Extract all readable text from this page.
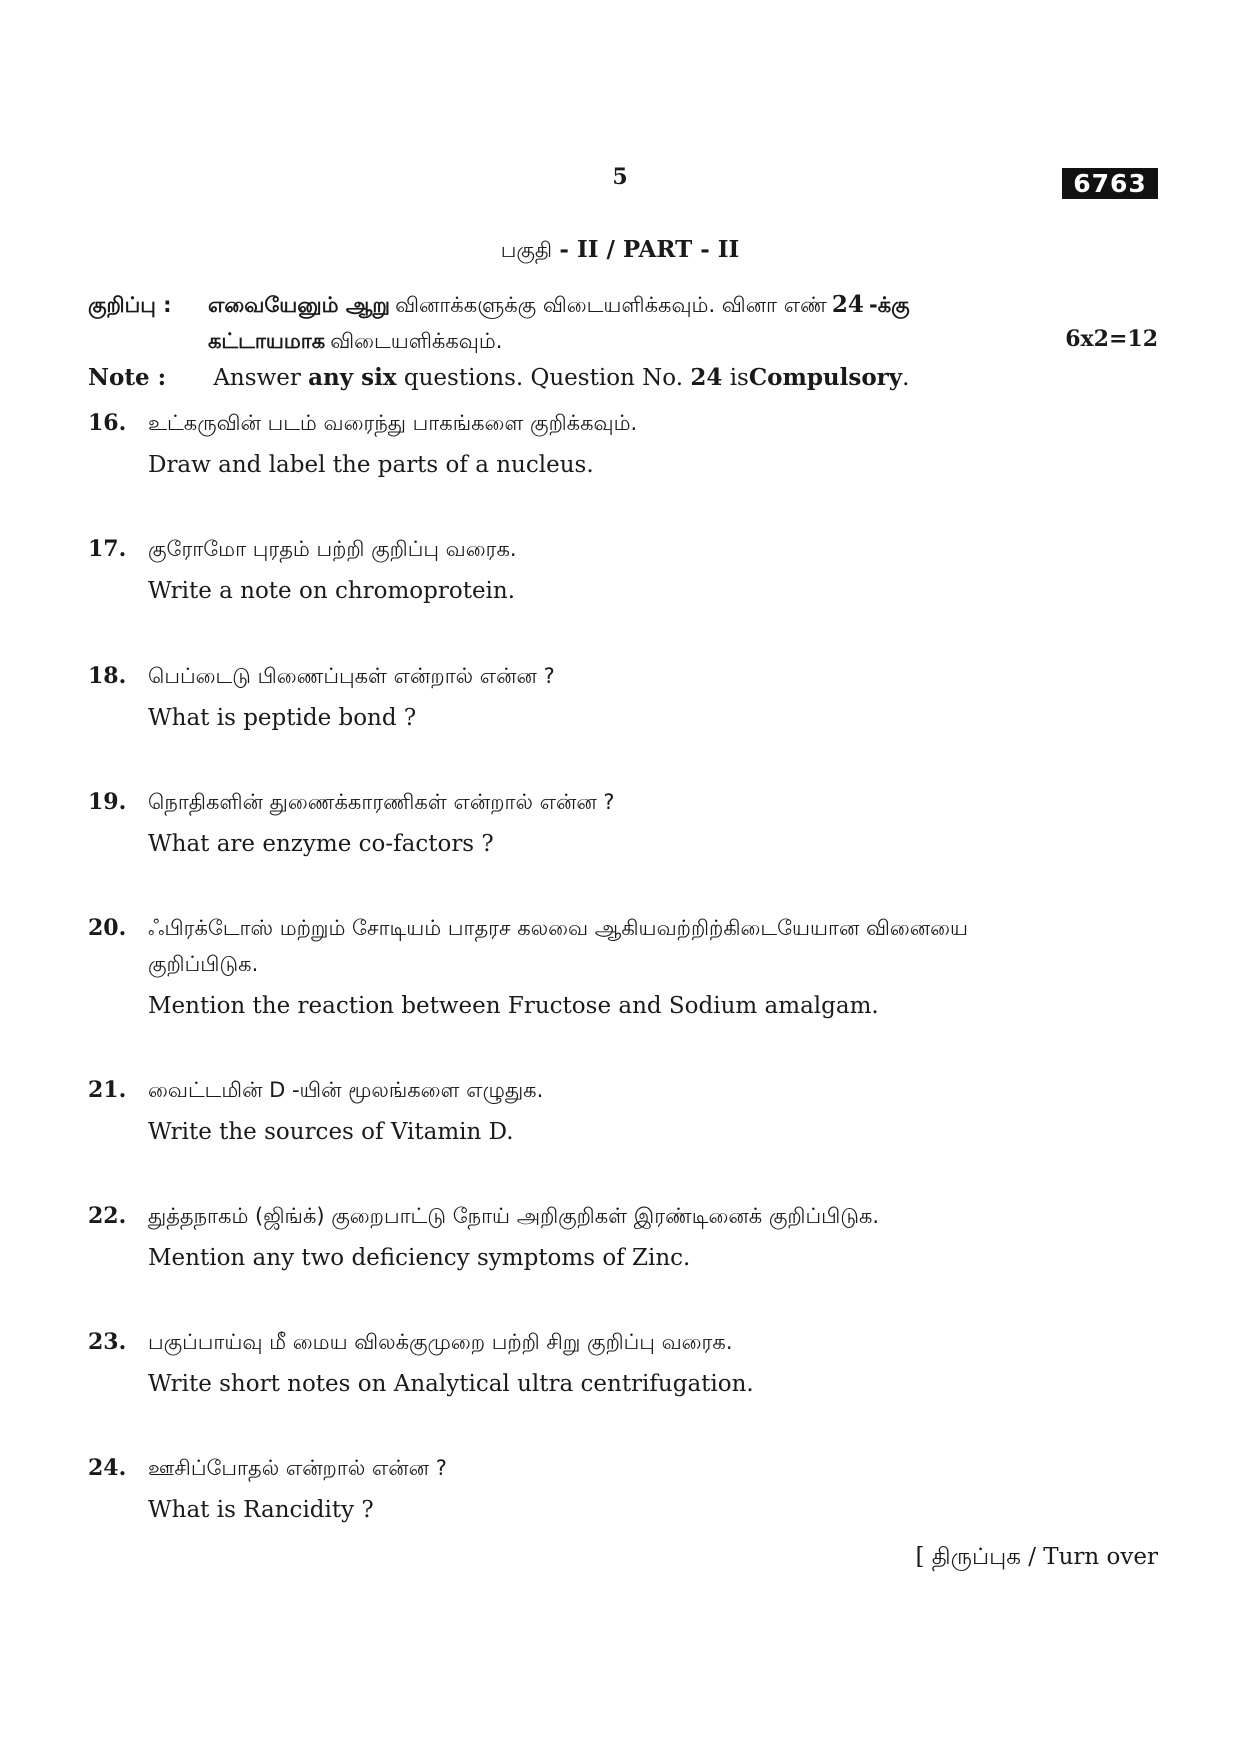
5	6763
பகுதி - II / PART - II
குறிப்பு : எவையேனும் ஆறு வினாக்களுக்கு விடையளிக்கவும். வினா எண் 24 -க்கு
கட்டாயமாக விடையளிக்கவும்.	6x2=12
Note : Answer any six questions. Question No. 24 isCompulsory.
16. உட்கருவின் படம் வரைந்து பாகங்களை குறிக்கவும்.
Draw and label the parts of a nucleus.
17. குரோமோ புரதம் பற்றி குறிப்பு வரைக.
Write a note on chromoprotein.
18. பெப்டைடு பிணைப்புகள் என்றால் என்ன ?
What is peptide bond ?
19. நொதிகளின் துணைக்காரணிகள் என்றால் என்ன ?
What are enzyme co-factors ?
20. ஃபிரக்டோஸ் மற்றும் சோடியம் பாதரச கலவை ஆகியவற்றிற்கிடையேயான வினையை
குறிப்பிடுக.
Mention the reaction between Fructose and Sodium amalgam.
21. வைட்டமின் D -யின் மூலங்களை எழுதுக.
Write the sources of Vitamin D.
22. துத்தநாகம் (ஜிங்க்) குறைபாட்டு நோய் அறிகுறிகள் இரண்டினைக் குறிப்பிடுக.
Mention any two deficiency symptoms of Zinc.
23. பகுப்பாய்வு மீ மைய விலக்குமுறை பற்றி சிறு குறிப்பு வரைக.
Write short notes on Analytical ultra centrifugation.
24. ஊசிப்போதல் என்றால் என்ன ?
What is Rancidity ?
[ திருப்புக / Turn over
